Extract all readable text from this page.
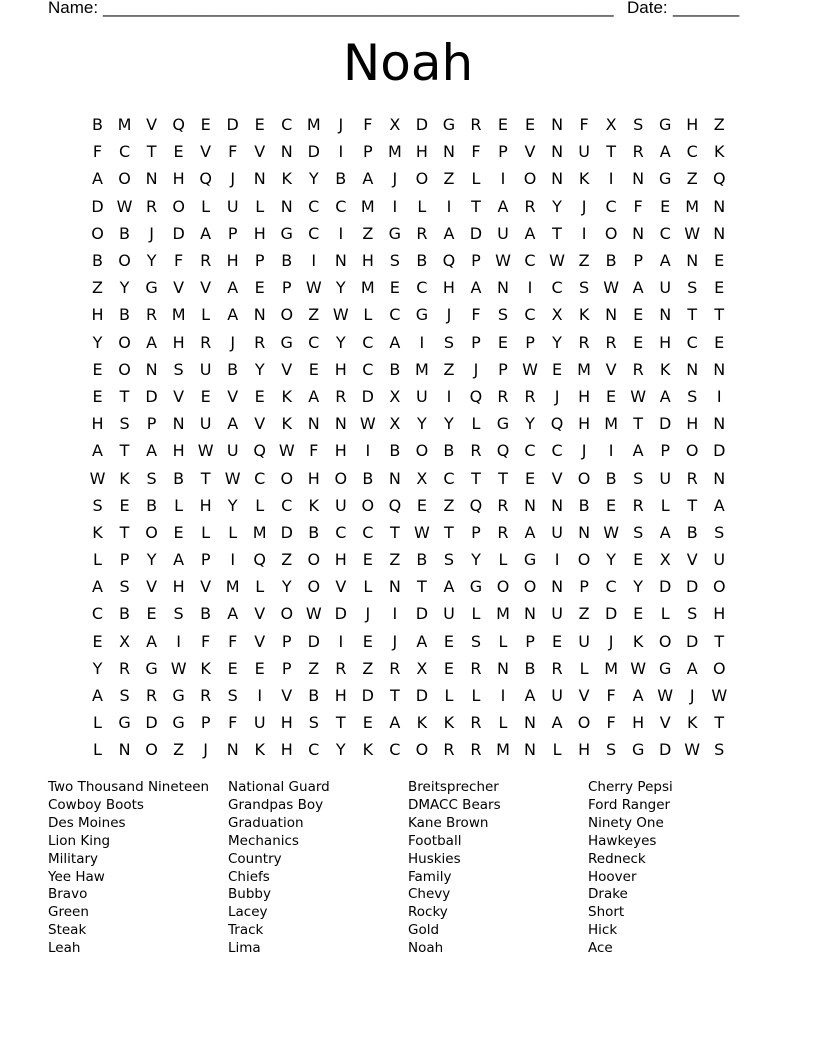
Name: ______________________________________________________ Date: _______
Noah
B M V Q E D E	C M	J	F	X D G R	E	E	N	F	X	S G H Z
F	C	T	E	V	F	V N D	I	P M H N	F	P	V N U	T	R A C	K
A O N H Q	J	N K	Y	B	A	J	O Z	L	I	O N K	I	N G Z Q
D W R O	L	U	L	N C C M	I	L	I	T	A	R	Y	J	C	F	E M N
O B	J	D A	P	H G C	I	Z G R A D U A	T	I	O N C W N
B O Y	F	R H	P	B	I	N H S	B Q P W C W Z	B	P	A N E
Z	Y G V	V	A	E	P W Y M E	C H A N	I	C	S W A U	S	E
H B R M L	A N O Z W L	C G	J	F	S	C X	K N E	N	T	T
Y O A H R	J	R G C	Y	C A	I	S	P	E	P	Y	R R	E H C	E
E O N S	U B	Y	V	E H C B M Z	J	P W E M V	R	K N N
E	T D V	E	V	E	K	A	R D X U	I	Q R R	J	H E W A	S	I
H S	P	N U A	V	K N N W X	Y	Y	L	G Y Q H M T D H N
A	T	A H W U Q W F	H	I	B O B R Q C C	J	I	A	P O D
W K	S	B	T W C O H O B N X C	T	T	E	V O B	S	U R N
S	E	B	L	H	Y	L	C	K U O Q E	Z Q R N N B	E	R	L	T	A
K	T O E	L	L M D B C C	T W T	P	R A U N W S	A	B	S
L	P	Y	A	P	I	Q Z O H E	Z	B	S	Y	L	G	I	O Y	E	X	V U
A	S	V H V M L	Y O V	L	N	T	A G O O N	P	C	Y D D O
C B	E	S	B	A	V O W D	J	I	D U	L M N U Z D E	L	S H
E	X	A	I	F	F	V	P	D	I	E	J	A	E	S	L	P	E	U	J	K O D T
Y	R G W K	E	E	P	Z R Z R X	E	R N B R	L M W G A O
A	S	R G R	S	I	V	B H D T D	L	L	I	A U V	F	A W	J	W
L	G D G	P	F	U H S	T	E	A	K	K	R	L	N A O	F	H V	K	T
L	N O Z	J	N K H C	Y	K	C O R R M N	L	H S G D W S
Two Thousand Nineteen
Cowboy Boots
Des Moines
Lion King
Military
Yee Haw
Bravo
Green
Steak
Leah
National Guard
Grandpas Boy
Graduation
Mechanics
Country
Chiefs
Bubby
Lacey
Track
Lima
Breitsprecher
DMACC Bears
Kane Brown
Football
Huskies
Family
Chevy
Rocky
Gold
Noah
Cherry Pepsi
Ford Ranger
Ninety One
Hawkeyes
Redneck
Hoover
Drake
Short
Hick
Ace
